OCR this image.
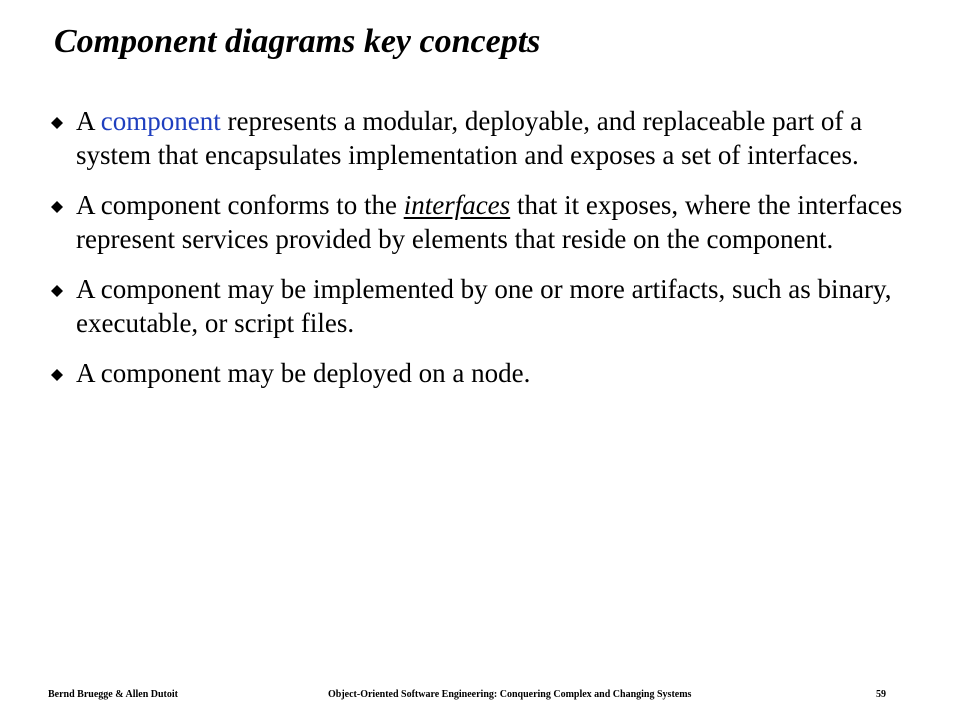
Component diagrams key concepts
A component represents a modular, deployable, and replaceable part of a system that encapsulates implementation and exposes a set of interfaces.
A component conforms to the interfaces that it exposes, where the interfaces represent services provided by elements that reside on the component.
A component may be implemented by one or more artifacts, such as binary, executable, or script files.
A component may be deployed on a node.
Bernd Bruegge & Allen Dutoit	Object-Oriented Software Engineering: Conquering Complex and Changing Systems	59
